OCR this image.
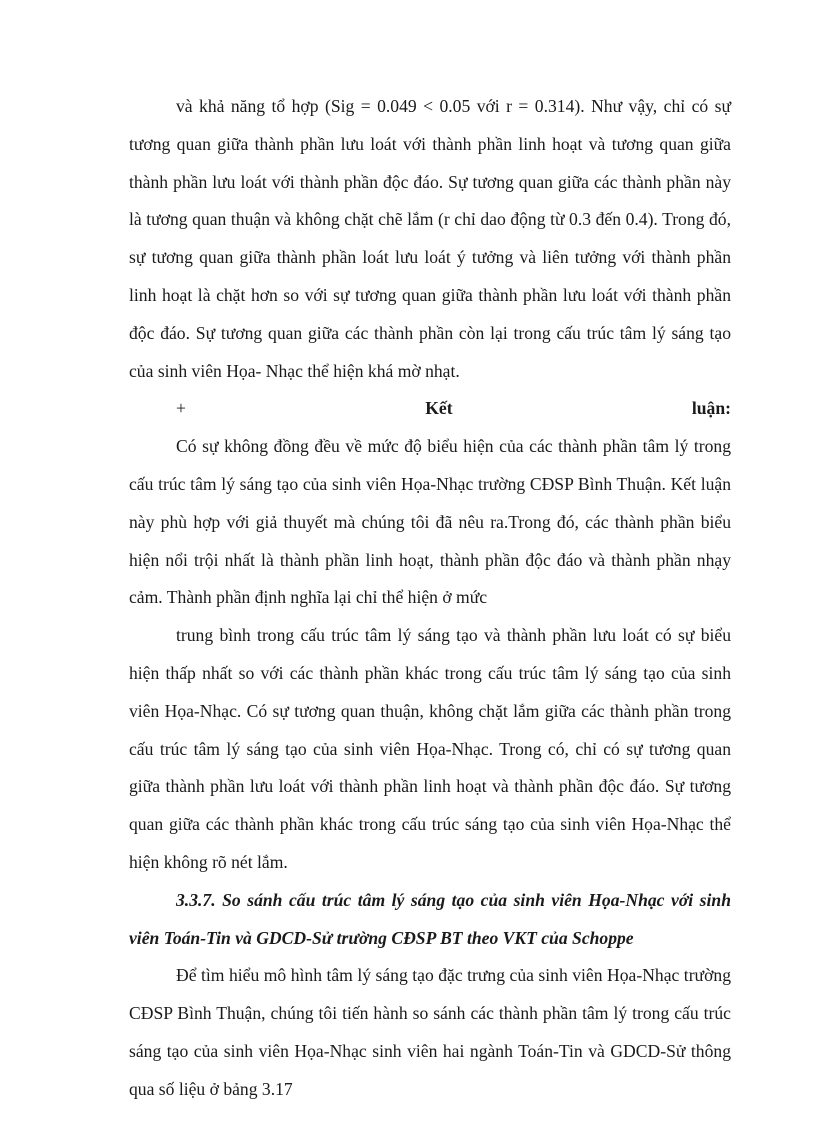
và khả năng tổ hợp (Sig = 0.049 < 0.05 với r = 0.314). Như vậy, chỉ có sự tương quan giữa thành phần lưu loát với thành phần linh hoạt và tương quan giữa thành phần lưu loát với thành phần độc đáo. Sự tương quan giữa các thành phần này là tương quan thuận và không chặt chẽ lắm (r chỉ dao động từ 0.3 đến 0.4). Trong đó, sự tương quan giữa thành phần loát lưu loát ý tưởng và liên tưởng với thành phần linh hoạt là chặt hơn so với sự tương quan giữa thành phần lưu loát với thành phần độc đáo. Sự tương quan giữa các thành phần còn lại trong cấu trúc tâm lý sáng tạo của sinh viên Họa- Nhạc thể hiện khá mờ nhạt.

+	Kết	luận:

Có sự không đồng đều về mức độ biểu hiện của các thành phần tâm lý trong cấu trúc tâm lý sáng tạo của sinh viên Họa-Nhạc trường CĐSP Bình Thuận. Kết luận này phù hợp với giả thuyết mà chúng tôi đã nêu ra.Trong đó, các thành phần biểu hiện nổi trội nhất là thành phần linh hoạt, thành phần độc đáo và thành phần nhạy cảm. Thành phần định nghĩa lại chỉ thể hiện ở mức

trung bình trong cấu trúc tâm lý sáng tạo và thành phần lưu loát có sự biểu hiện thấp nhất so với các thành phần khác trong cấu trúc tâm lý sáng tạo của sinh viên Họa-Nhạc. Có sự tương quan thuận, không chặt lắm giữa các thành phần trong cấu trúc tâm lý sáng tạo của sinh viên Họa-Nhạc. Trong có, chỉ có sự tương quan giữa thành phần lưu loát với thành phần linh hoạt và thành phần độc đáo. Sự tương quan giữa các thành phần khác trong cấu trúc sáng tạo của sinh viên Họa-Nhạc thể hiện không rõ nét lắm.

3.3.7. So sánh cấu trúc tâm lý sáng tạo của sinh viên Họa-Nhạc với sinh viên Toán-Tin và GDCD-Sử trường CĐSP BT theo VKT của Schoppe

Để tìm hiểu mô hình tâm lý sáng tạo đặc trưng của sinh viên Họa-Nhạc trường CĐSP Bình Thuận, chúng tôi tiến hành so sánh các thành phần tâm lý trong cấu trúc sáng tạo của sinh viên Họa-Nhạc sinh viên hai ngành Toán-Tin và GDCD-Sử thông qua số liệu ở bảng 3.17
